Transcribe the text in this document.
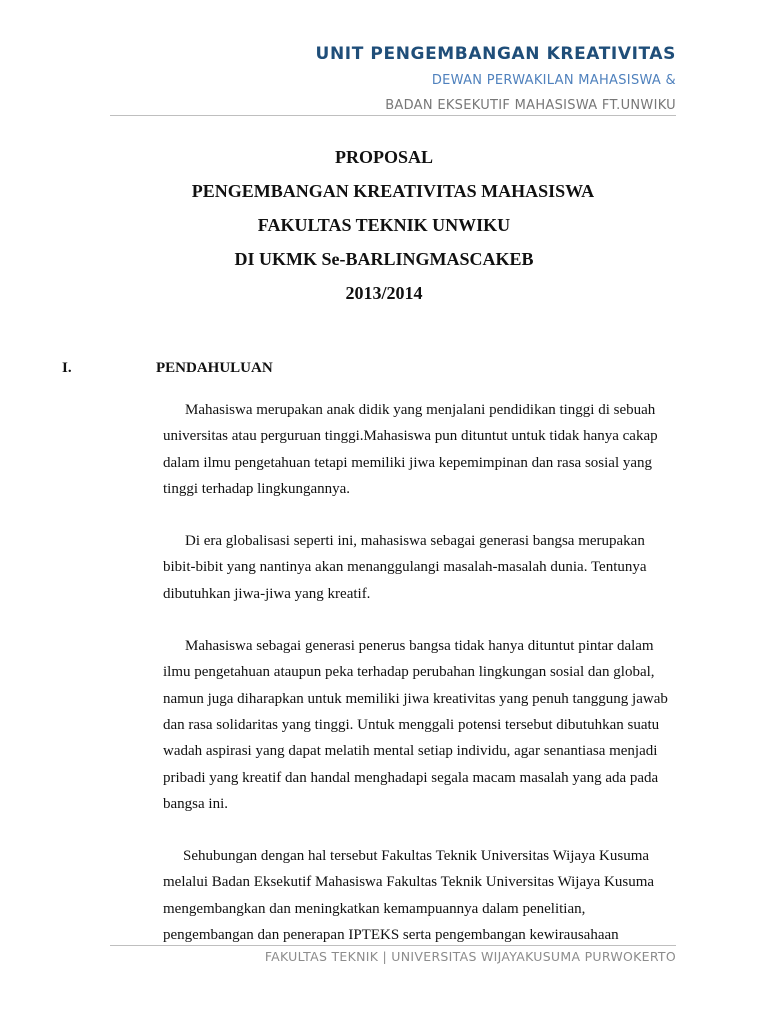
UNIT PENGEMBANGAN KREATIVITAS
DEWAN PERWAKILAN MAHASISWA &
BADAN EKSEKUTIF MAHASISWA FT.UNWIKU
PROPOSAL
PENGEMBANGAN KREATIVITAS MAHASISWA
FAKULTAS TEKNIK UNWIKU
DI UKMK Se-BARLINGMASCAKEB
2013/2014
I.	PENDAHULUAN

Mahasiswa merupakan anak didik yang menjalani pendidikan tinggi di sebuah universitas atau perguruan tinggi.Mahasiswa pun dituntut untuk tidak hanya cakap dalam ilmu pengetahuan tetapi memiliki jiwa kepemimpinan dan rasa sosial yang tinggi terhadap lingkungannya.

Di era globalisasi seperti ini, mahasiswa sebagai generasi bangsa merupakan bibit-bibit yang nantinya akan menanggulangi masalah-masalah dunia. Tentunya dibutuhkan jiwa-jiwa yang kreatif.

Mahasiswa sebagai generasi penerus bangsa tidak hanya dituntut pintar dalam ilmu pengetahuan ataupun peka terhadap perubahan lingkungan sosial dan global, namun juga diharapkan untuk memiliki jiwa kreativitas yang penuh tanggung jawab dan rasa solidaritas yang tinggi. Untuk menggali potensi tersebut dibutuhkan suatu wadah aspirasi yang dapat melatih mental setiap individu, agar senantiasa menjadi pribadi yang kreatif dan handal menghadapi segala macam masalah yang ada pada bangsa ini.

Sehubungan dengan hal tersebut Fakultas Teknik Universitas Wijaya Kusuma melalui Badan Eksekutif Mahasiswa Fakultas Teknik Universitas Wijaya Kusuma mengembangkan dan meningkatkan kemampuannya dalam penelitian, pengembangan dan penerapan IPTEKS serta pengembangan kewirausahaan

FAKULTAS TEKNIK | UNIVERSITAS WIJAYAKUSUMA PURWOKERTO
